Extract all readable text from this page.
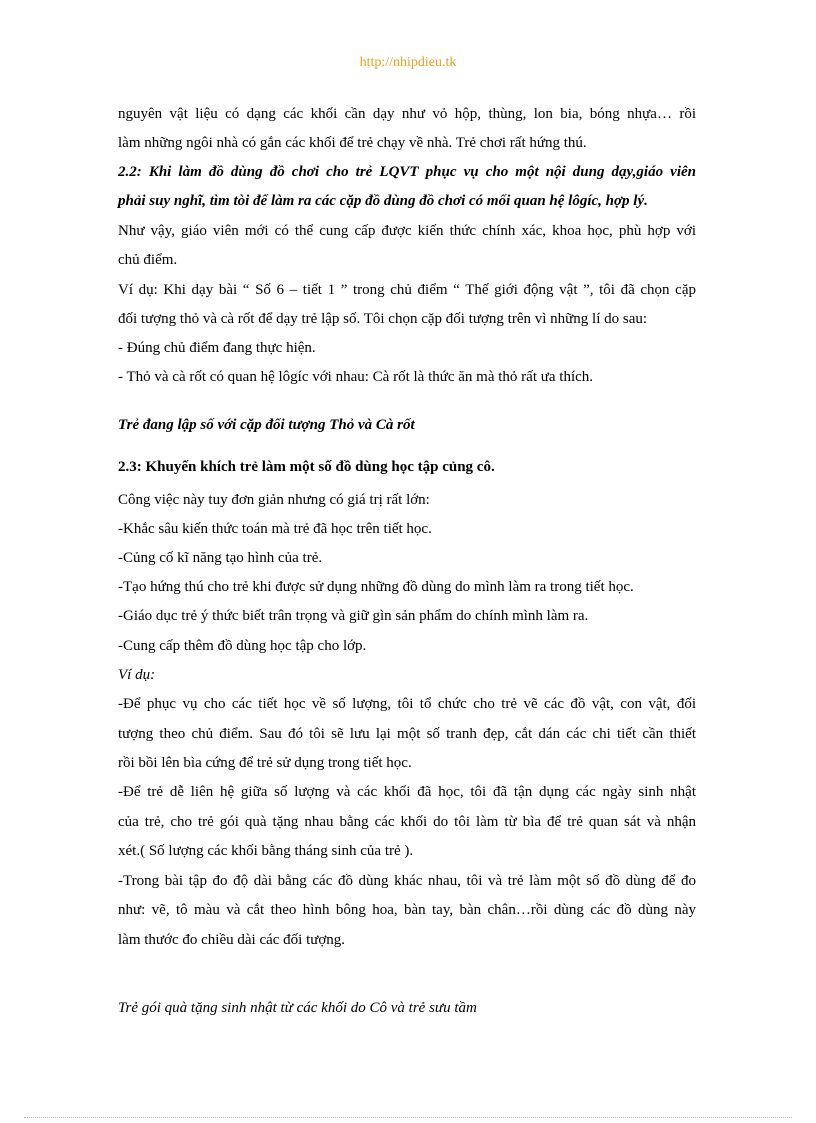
http://nhipdieu.tk
nguyên vật liệu có dạng các khối cần dạy như vỏ hộp, thùng, lon bia, bóng nhựa… rồi
làm những ngôi nhà có gắn các khối để trẻ chạy về nhà. Trẻ chơi rất hứng thú.
2.2: Khi làm đồ dùng đồ chơi cho trẻ LQVT phục vụ cho một nội dung dạy,giáo viên
phải suy nghĩ, tìm tòi để làm ra các cặp đồ dùng đồ chơi có mối quan hệ lôgíc, hợp lý.
Như vậy, giáo viên mới có thể cung cấp được kiến thức chính xác, khoa học, phù hợp với
chủ điểm.
Ví dụ: Khi dạy bài “ Số 6 – tiết 1 ” trong chủ điểm “ Thế giới động vật ”, tôi đã chọn cặp
đối tượng thỏ và cà rốt để dạy trẻ lập số. Tôi chọn cặp đối tượng trên vì những lí do sau:
- Đúng chủ điểm đang thực hiện.
- Thỏ và cà rốt có quan hệ lôgíc với nhau: Cà rốt là thức ăn mà thỏ rất ưa thích.
Trẻ đang lập số với cặp đối tượng Thỏ và Cà rốt
2.3: Khuyến khích trẻ làm một số đồ dùng học tập củng cô.
Công việc này tuy đơn giản nhưng có giá trị rất lớn:
-Khắc sâu kiến thức toán mà trẻ đã học trên tiết học.
-Củng cố kĩ năng tạo hình của trẻ.
-Tạo hứng thú cho trẻ khi được sử dụng những đồ dùng do mình làm ra trong tiết học.
-Giáo dục trẻ ý thức biết trân trọng và giữ gìn sản phẩm do chính mình làm ra.
-Cung cấp thêm đồ dùng học tập cho lớp.
Ví dụ:
-Để phục vụ cho các tiết học về số lượng, tôi tổ chức cho trẻ vẽ các đồ vật, con vật, đối
tượng theo chủ điểm. Sau đó tôi sẽ lưu lại một số tranh đẹp, cắt dán các chi tiết cần thiết
rồi bồi lên bìa cứng để trẻ sử dụng trong tiết học.
-Để trẻ dễ liên hệ giữa số lượng và các khối đã học, tôi đã tận dụng các ngày sinh nhật
của trẻ, cho trẻ gói quà tặng nhau bằng các khối do tôi làm từ bìa để trẻ quan sát và nhận
xét.( Số lượng các khối bằng tháng sinh của trẻ ).
-Trong bài tập đo độ dài bằng các đồ dùng khác nhau, tôi và trẻ làm một số đồ dùng để đo
như: vẽ, tô màu và cắt theo hình bông hoa, bàn tay, bàn chân…rồi dùng các đồ dùng này
làm thước đo chiều dài các đối tượng.
Trẻ gói quà tặng sinh nhật từ các khối do Cô và trẻ sưu tầm
